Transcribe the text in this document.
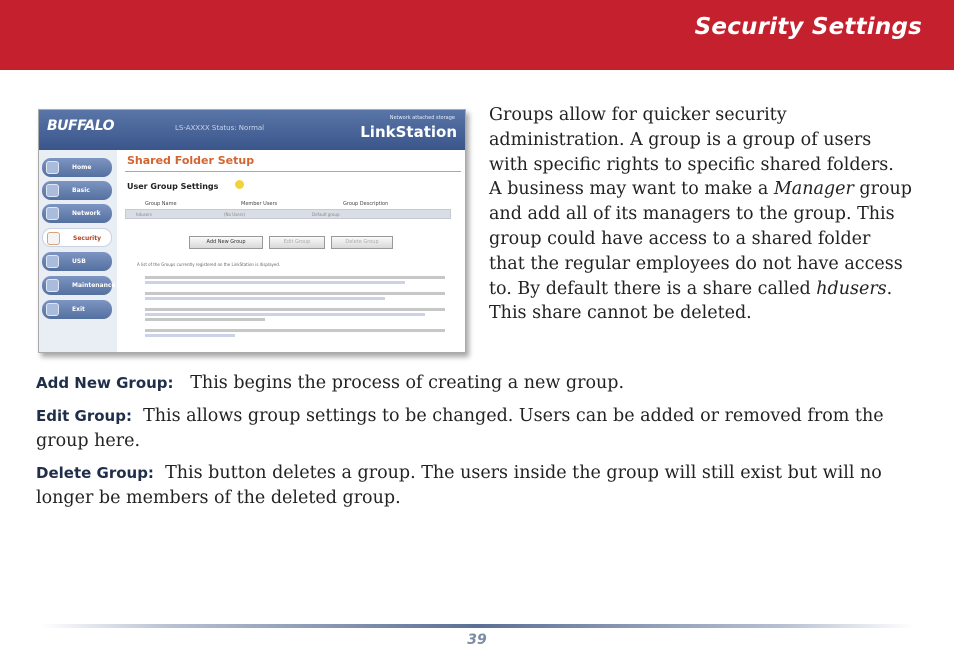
Security Settings
BUFFALO	LS-AXXXX Status: Normal
Network attached storage
LinkStation
Home
Basic
Network
Security
USB
Maintenance
Exit
Shared Folder Setup
User Group Settings
Group Name	Member Users	Group Description
hdusers	(No Users)	Default group
Add New Group	Edit Group	Delete Group
A list of the Groups currently registered on the LinkStation is displayed.

Groups allow for quicker security

administration. A group is a group of users

with specific rights to specific shared folders.

A business may want to make a Manager group

and add all of its managers to the group. This

group could have access to a shared folder

that the regular employees do not have access

to. By default there is a share called hdusers.

This share cannot be deleted.

Add New Group: This begins the process of creating a new group.
Edit Group: This allows group settings to be changed. Users can be added or removed from the group here.
Delete Group: This button deletes a group. The users inside the group will still exist but will no longer be members of the deleted group.
39
